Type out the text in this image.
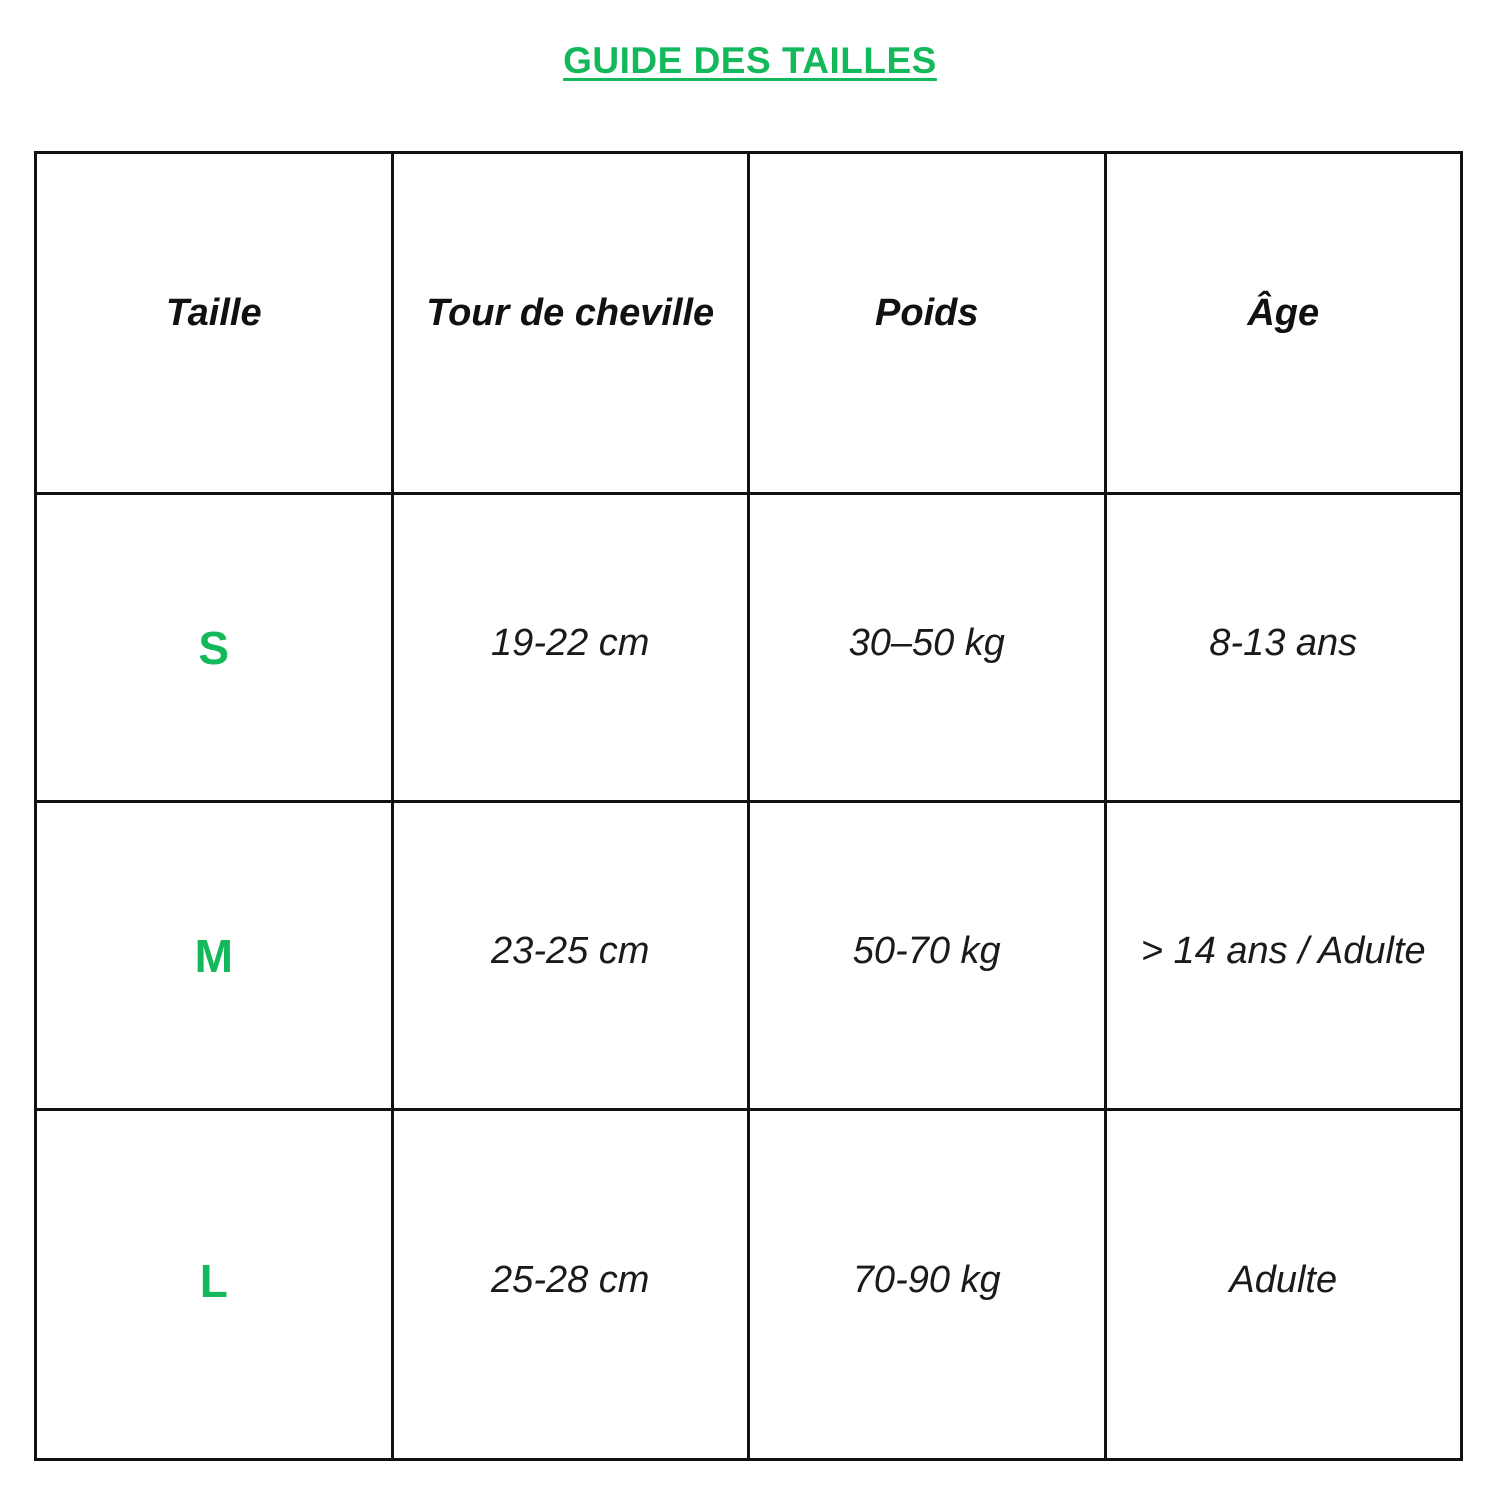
GUIDE DES TAILLES
Taille	Tour de cheville	Poids	Âge
S	19-22 cm	30–50 kg	8-13 ans
M	23-25 cm	50-70 kg	> 14 ans / Adulte
L	25-28 cm	70-90 kg	Adulte
